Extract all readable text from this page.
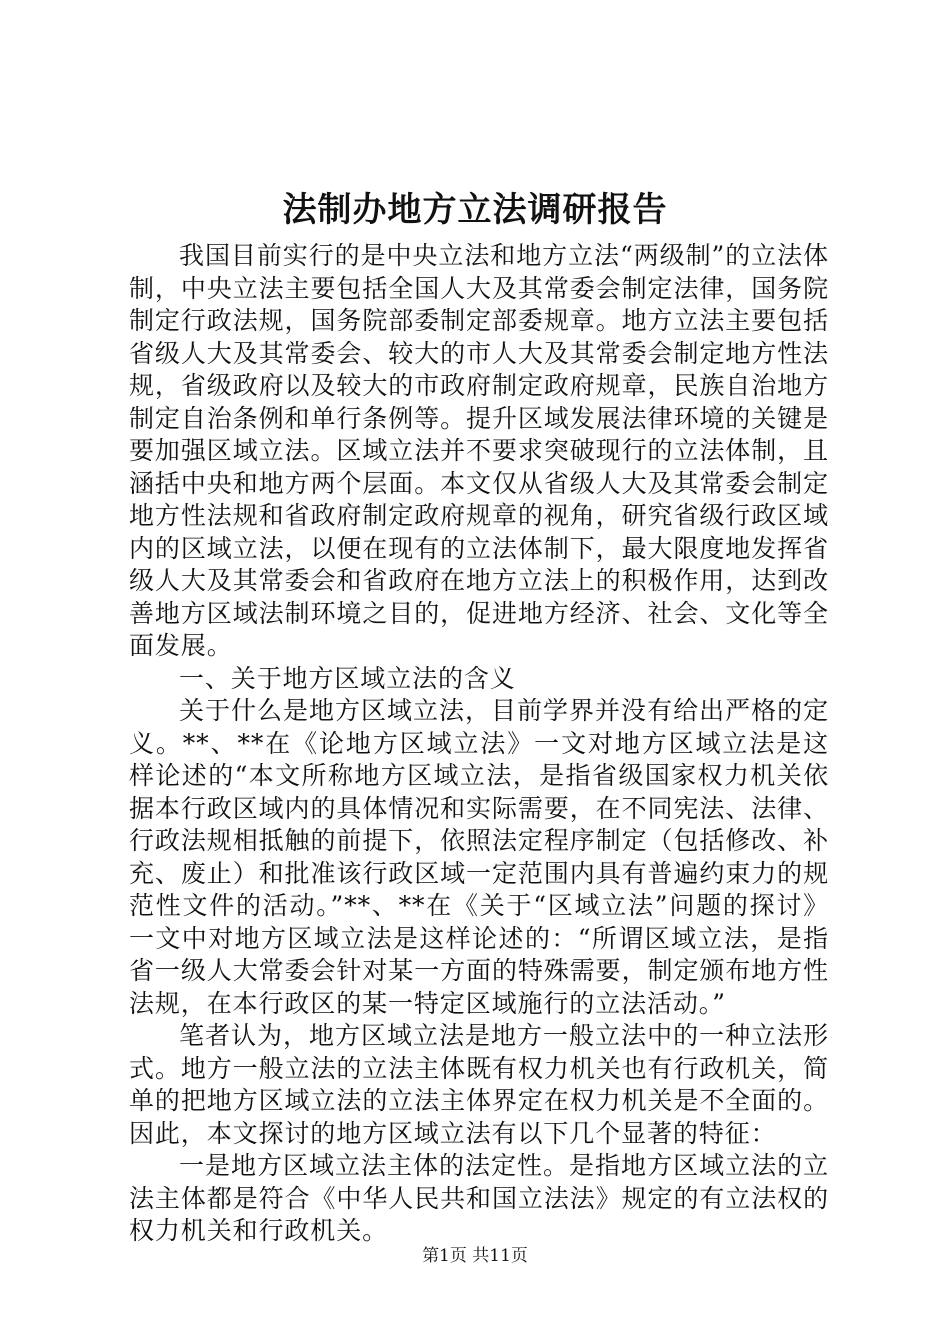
法制办地方立法调研报告

我国目前实行的是中央立法和地方立法“两级制”的立法体制，中央立法主要包括全国人大及其常委会制定法律，国务院制定行政法规，国务院部委制定部委规章。地方立法主要包括省级人大及其常委会、较大的市人大及其常委会制定地方性法规，省级政府以及较大的市政府制定政府规章，民族自治地方制定自治条例和单行条例等。提升区域发展法律环境的关键是要加强区域立法。区域立法并不要求突破现行的立法体制，且涵括中央和地方两个层面。本文仅从省级人大及其常委会制定地方性法规和省政府制定政府规章的视角，研究省级行政区域内的区域立法，以便在现有的立法体制下，最大限度地发挥省级人大及其常委会和省政府在地方立法上的积极作用，达到改善地方区域法制环境之目的，促进地方经济、社会、文化等全面发展。

一、关于地方区域立法的含义

关于什么是地方区域立法，目前学界并没有给出严格的定义。**、**在《论地方区域立法》一文对地方区域立法是这样论述的“本文所称地方区域立法，是指省级国家权力机关依据本行政区域内的具体情况和实际需要，在不同宪法、法律、行政法规相抵触的前提下，依照法定程序制定（包括修改、补充、废止）和批准该行政区域一定范围内具有普遍约束力的规范性文件的活动。”**、**在《关于“区域立法”问题的探讨》一文中对地方区域立法是这样论述的：“所谓区域立法，是指省一级人大常委会针对某一方面的特殊需要，制定颁布地方性法规，在本行政区的某一特定区域施行的立法活动。”

笔者认为，地方区域立法是地方一般立法中的一种立法形式。地方一般立法的立法主体既有权力机关也有行政机关，简单的把地方区域立法的立法主体界定在权力机关是不全面的。因此，本文探讨的地方区域立法有以下几个显著的特征：

一是地方区域立法主体的法定性。是指地方区域立法的立法主体都是符合《中华人民共和国立法法》规定的有立法权的权力机关和行政机关。

第1页 共11页
